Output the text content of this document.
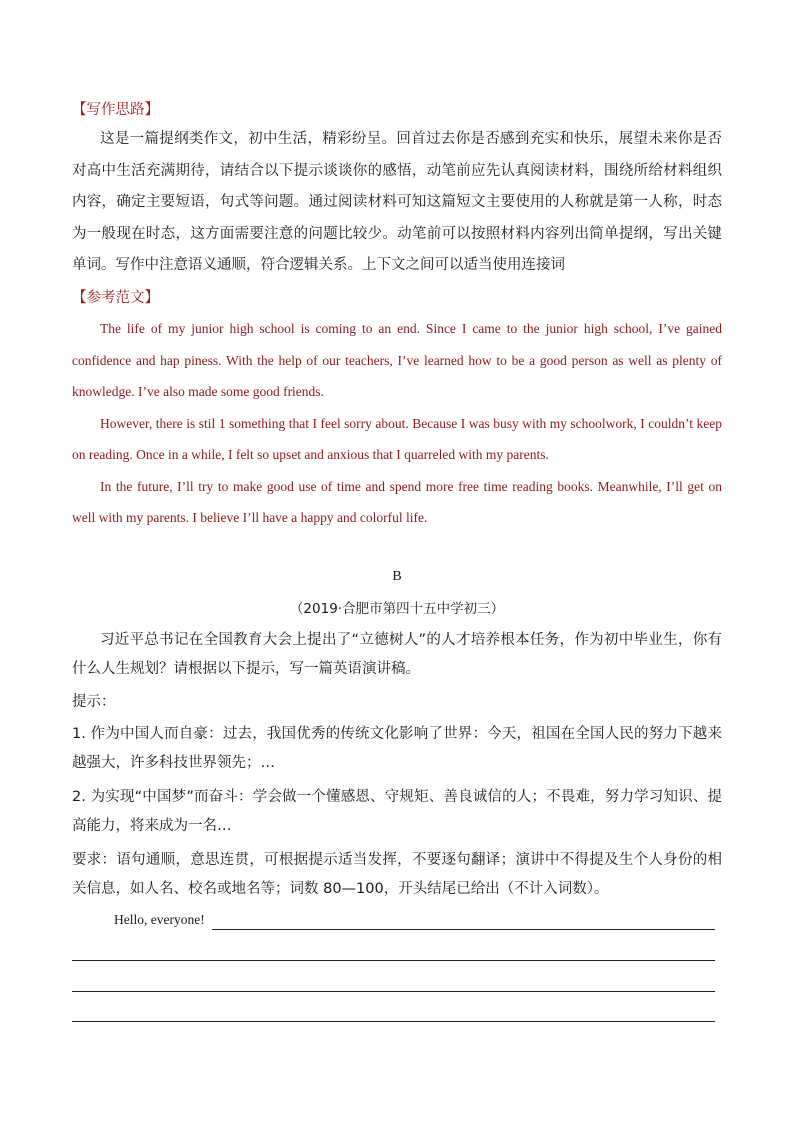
【写作思路】
这是一篇提纲类作文，初中生活，精彩纷呈。回首过去你是否感到充实和快乐，展望未来你是否对高中生活充满期待，请结合以下提示谈谈你的感悟，动笔前应先认真阅读材料，围绕所给材料组织内容，确定主要短语，句式等问题。通过阅读材料可知这篇短文主要使用的人称就是第一人称，时态为一般现在时态，这方面需要注意的问题比较少。动笔前可以按照材料内容列出简单提纲，写出关键单词。写作中注意语义通顺，符合逻辑关系。上下文之间可以适当使用连接词
【参考范文】
The life of my junior high school is coming to an end. Since I came to the junior high school, I’ve gained confidence and hap piness. With the help of our teachers, I’ve learned how to be a good person as well as plenty of knowledge. I’ve also made some good friends.
However, there is stil 1 something that I feel sorry about. Because I was busy with my schoolwork, I couldn’t keep on reading. Once in a while, I felt so upset and anxious that I quarreled with my parents.
In the future, I’ll try to make good use of time and spend more free time reading books. Meanwhile, I’ll get on well with my parents. I believe I’ll have a happy and colorful life.
B
（2019·合肥市第四十五中学初三）
习近平总书记在全国教育大会上提出了“立德树人”的人才培养根本任务，作为初中毕业生，你有什么人生规划？请根据以下提示，写一篇英语演讲稿。
提示：
1. 作为中国人而自豪：过去，我国优秀的传统文化影响了世界：今天，祖国在全国人民的努力下越来越强大，许多科技世界领先；…
2. 为实现“中国梦”而奋斗：学会做一个懂感恩、守规矩、善良诚信的人；不畏难，努力学习知识、提高能力，将来成为一名…
要求：语句通顺，意思连贯，可根据提示适当发挥，不要逐句翻译；演讲中不得提及生个人身份的相关信息，如人名、校名或地名等；词数 80—100，开头结尾已给出（不计入词数）。
Hello, everyone!
